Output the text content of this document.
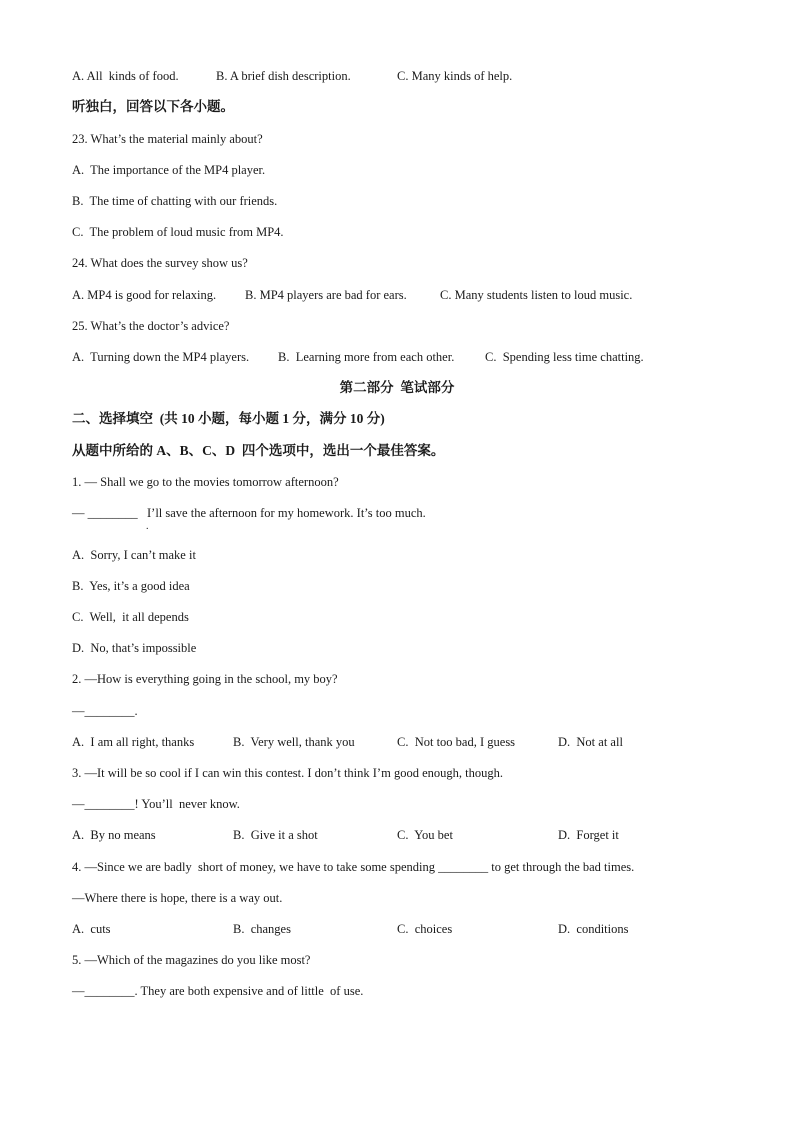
A. All  kinds of food.	B. A brief dish description.	C. Many kinds of help.
听独白，回答以下各小题。
23. What’s the material mainly about?
A.  The importance of the MP4 player.
B.  The time of chatting with our friends.
C.  The problem of loud music from MP4.
24. What does the survey show us?
A. MP4 is good for relaxing. B. MP4 players are bad for ears.	C. Many students listen to loud music.
25. What’s the doctor’s advice?
A.  Turning down the MP4 players. B.  Learning more from each other. C.  Spending less time chatting.
第二部分  笔试部分
二、选择填空  (共 10 小题，每小题 1 分，满分 10 分)
从题中所给的 A、B、C、D  四个选项中，选出一个最佳答案。
1. — Shall we go to the movies tomorrow afternoon?
— ________   I’ll save the afternoon for my homework. It’s too much.
.
A.  Sorry, I can’t make it
B.  Yes, it’s a good idea
C.  Well,  it all depends
D.  No, that’s impossible
2. —How is everything going in the school, my boy?
—________.
A.  I am all right, thanks	B.  Very well, thank you	C.  Not too bad, I guess	D.  Not at all
3. —It will be so cool if I can win this contest. I don’t think I’m good enough, though.
—________! You’ll  never know.
A.  By no means	B.  Give it a shot	C.  You bet	D.  Forget it
4. —Since we are badly  short of money, we have to take some spending ________ to get through the bad times.
—Where there is hope, there is a way out.
A.  cuts	B.  changes	C.  choices	D.  conditions
5. —Which of the magazines do you like most?
—________. They are both expensive and of little  of use.
